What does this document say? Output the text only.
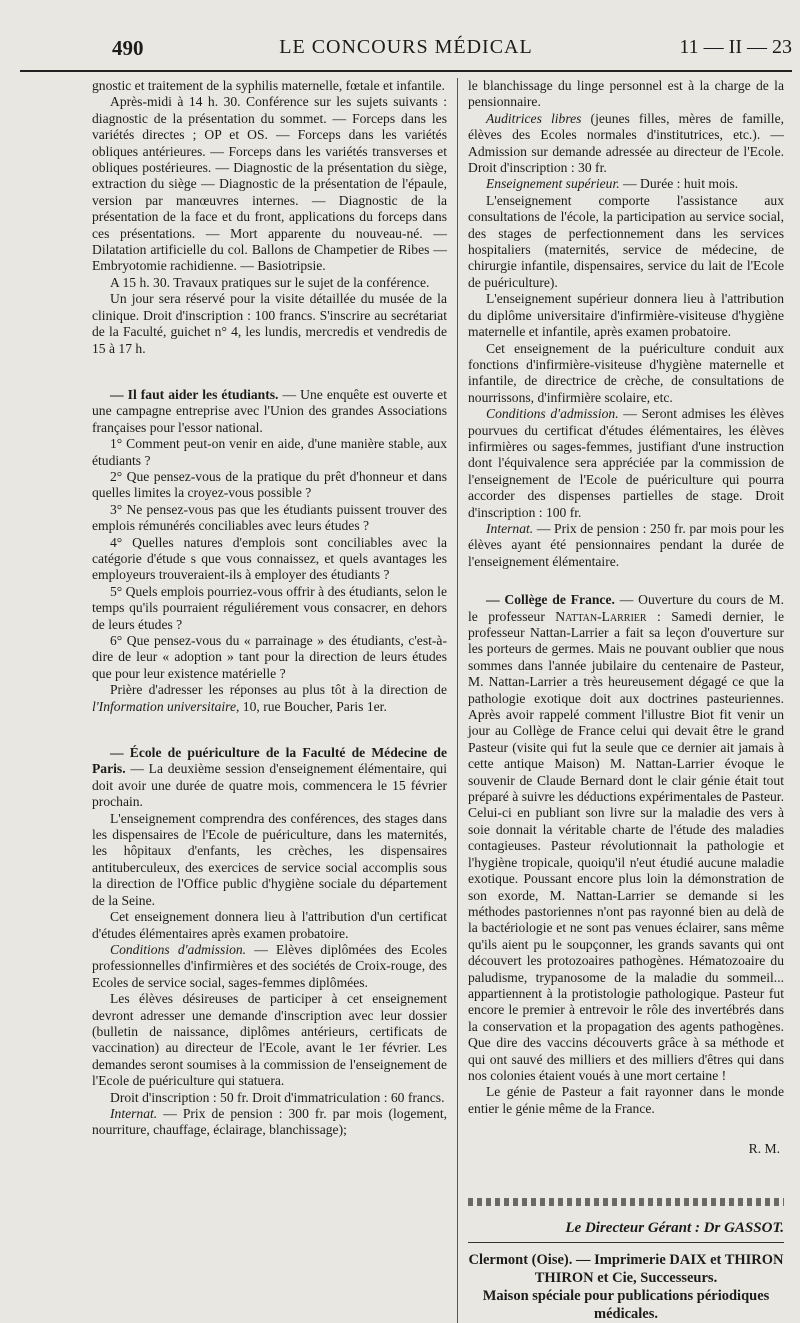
490	LE CONCOURS MÉDICAL	11 — II — 23

gnostic et traitement de la syphilis maternelle, fœtale et infantile.

Après-midi à 14 h. 30. Conférence sur les sujets suivants : diagnostic de la présentation du sommet. — Forceps dans les variétés directes ; OP et OS. — Forceps dans les variétés obliques antérieures. — Forceps dans les variétés transverses et obliques postérieures. — Diagnostic de la présentation du siège, extraction du siège — Diagnostic de la présentation de l'épaule, version par manœuvres internes. — Diagnostic de la présentation de la face et du front, applications du forceps dans ces présentations. — Mort apparente du nouveau-né. — Dilatation artificielle du col. Ballons de Champetier de Ribes — Embryotomie rachidienne. — Basiotripsie.

A 15 h. 30. Travaux pratiques sur le sujet de la conférence.

Un jour sera réservé pour la visite détaillée du musée de la clinique. Droit d'inscription : 100 francs. S'inscrire au secrétariat de la Faculté, guichet n° 4, les lundis, mercredis et vendredis de 15 à 17 h.

— Il faut aider les étudiants. — Une enquête est ouverte et une campagne entreprise avec l'Union des grandes Associations françaises pour l'essor national.

1° Comment peut-on venir en aide, d'une manière stable, aux étudiants ?

2° Que pensez-vous de la pratique du prêt d'honneur et dans quelles limites la croyez-vous possible ?

3° Ne pensez-vous pas que les étudiants puissent trouver des emplois rémunérés conciliables avec leurs études ?

4° Quelles natures d'emplois sont conciliables avec la catégorie d'étude s que vous connaissez, et quels avantages les employeurs trouveraient-ils à employer des étudiants ?

5° Quels emplois pourriez-vous offrir à des étudiants, selon le temps qu'ils pourraient réguliérement vous consacrer, en dehors de leurs études ?

6° Que pensez-vous du « parrainage » des étudiants, c'est-à-dire de leur « adoption » tant pour la direction de leurs études que pour leur existence matérielle ?

Prière d'adresser les réponses au plus tôt à la direction de l'Information universitaire, 10, rue Boucher, Paris 1er.

— École de puériculture de la Faculté de Médecine de Paris. — La deuxième session d'enseignement élémentaire, qui doit avoir une durée de quatre mois, commencera le 15 février prochain.

L'enseignement comprendra des conférences, des stages dans les dispensaires de l'Ecole de puériculture, dans les maternités, les hôpitaux d'enfants, les crèches, les dispensaires antituberculeux, des exercices de service social accomplis sous la direction de l'Office public d'hygiène sociale du département de la Seine.

Cet enseignement donnera lieu à l'attribution d'un certificat d'études élémentaires après examen probatoire.

Conditions d'admission. — Elèves diplômées des Ecoles professionnelles d'infirmières et des sociétés de Croix-rouge, des Ecoles de service social, sages-femmes diplômées.

Les élèves désireuses de participer à cet enseignement devront adresser une demande d'inscription avec leur dossier (bulletin de naissance, diplômes antérieurs, certificats de vaccination) au directeur de l'Ecole, avant le 1er février. Les demandes seront soumises à la commission de l'enseignement de l'Ecole de puériculture qui statuera.

Droit d'inscription : 50 fr. Droit d'immatriculation : 60 francs.

Internat. — Prix de pension : 300 fr. par mois (logement, nourriture, chauffage, éclairage, blanchissage);

le blanchissage du linge personnel est à la charge de la pensionnaire.

Auditrices libres (jeunes filles, mères de famille, élèves des Ecoles normales d'institutrices, etc.). — Admission sur demande adressée au directeur de l'Ecole. Droit d'inscription : 30 fr.

Enseignement supérieur. — Durée : huit mois.

L'enseignement comporte l'assistance aux consultations de l'école, la participation au service social, des stages de perfectionnement dans les services hospitaliers (maternités, service de médecine, de chirurgie infantile, dispensaires, service du lait de l'Ecole de puériculture).

L'enseignement supérieur donnera lieu à l'attribution du diplôme universitaire d'infirmière-visiteuse d'hygiène maternelle et infantile, après examen probatoire.

Cet enseignement de la puériculture conduit aux fonctions d'infirmière-visiteuse d'hygiène maternelle et infantile, de directrice de crèche, de consultations de nourrissons, d'infirmière scolaire, etc.

Conditions d'admission. — Seront admises les élèves pourvues du certificat d'études élémentaires, les élèves infirmières ou sages-femmes, justifiant d'une instruction dont l'équivalence sera appréciée par la commission de l'enseignement de l'Ecole de puériculture qui pourra accorder des dispenses partielles de stage. Droit d'inscription : 100 fr.

Internat. — Prix de pension : 250 fr. par mois pour les élèves ayant été pensionnaires pendant la durée de l'enseignement élémentaire.

— Collège de France. — Ouverture du cours de M. le professeur Nattan-Larrier : Samedi dernier, le professeur Nattan-Larrier a fait sa leçon d'ouverture sur les porteurs de germes. Mais ne pouvant oublier que nous sommes dans l'année jubilaire du centenaire de Pasteur, M. Nattan-Larrier a très heureusement dégagé ce que la pathologie exotique doit aux doctrines pasteuriennes. Après avoir rappelé comment l'illustre Biot fit venir un jour au Collège de France celui qui devait être le grand Pasteur (visite qui fut la seule que ce dernier ait jamais à cette antique Maison) M. Nattan-Larrier évoque le souvenir de Claude Bernard dont le clair génie était tout préparé à suivre les déductions expérimentales de Pasteur. Celui-ci en publiant son livre sur la maladie des vers à soie donnait la véritable charte de l'étude des maladies contagieuses. Pasteur révolutionnait la pathologie et l'hygiène tropicale, quoiqu'il n'eut étudié aucune maladie exotique. Poussant encore plus loin la démonstration de son exorde, M. Nattan-Larrier se demande si les méthodes pastoriennes n'ont pas rayonné bien au delà de la bactériologie et ne sont pas venues éclairer, sans même qu'ils aient pu le soupçonner, les grands savants qui ont découvert les protozoaires pathogènes. Hématozoaire du paludisme, trypanosome de la maladie du sommeil... appartiennent à la protistologie pathologique. Pasteur fut encore le premier à entrevoir le rôle des invertébrés dans la conservation et la propagation des agents pathogènes. Que dire des vaccins découverts grâce à sa méthode et qui ont sauvé des milliers et des milliers d'êtres qui dans nos colonies étaient voués à une mort certaine !

Le génie de Pasteur a fait rayonner dans le monde entier le génie même de la France.

R. M.
Le Directeur Gérant : Dr GASSOT.
Clermont (Oise). — Imprimerie DAIX et THIRON
THIRON et Cie, Successeurs.
Maison spéciale pour publications périodiques médicales.
